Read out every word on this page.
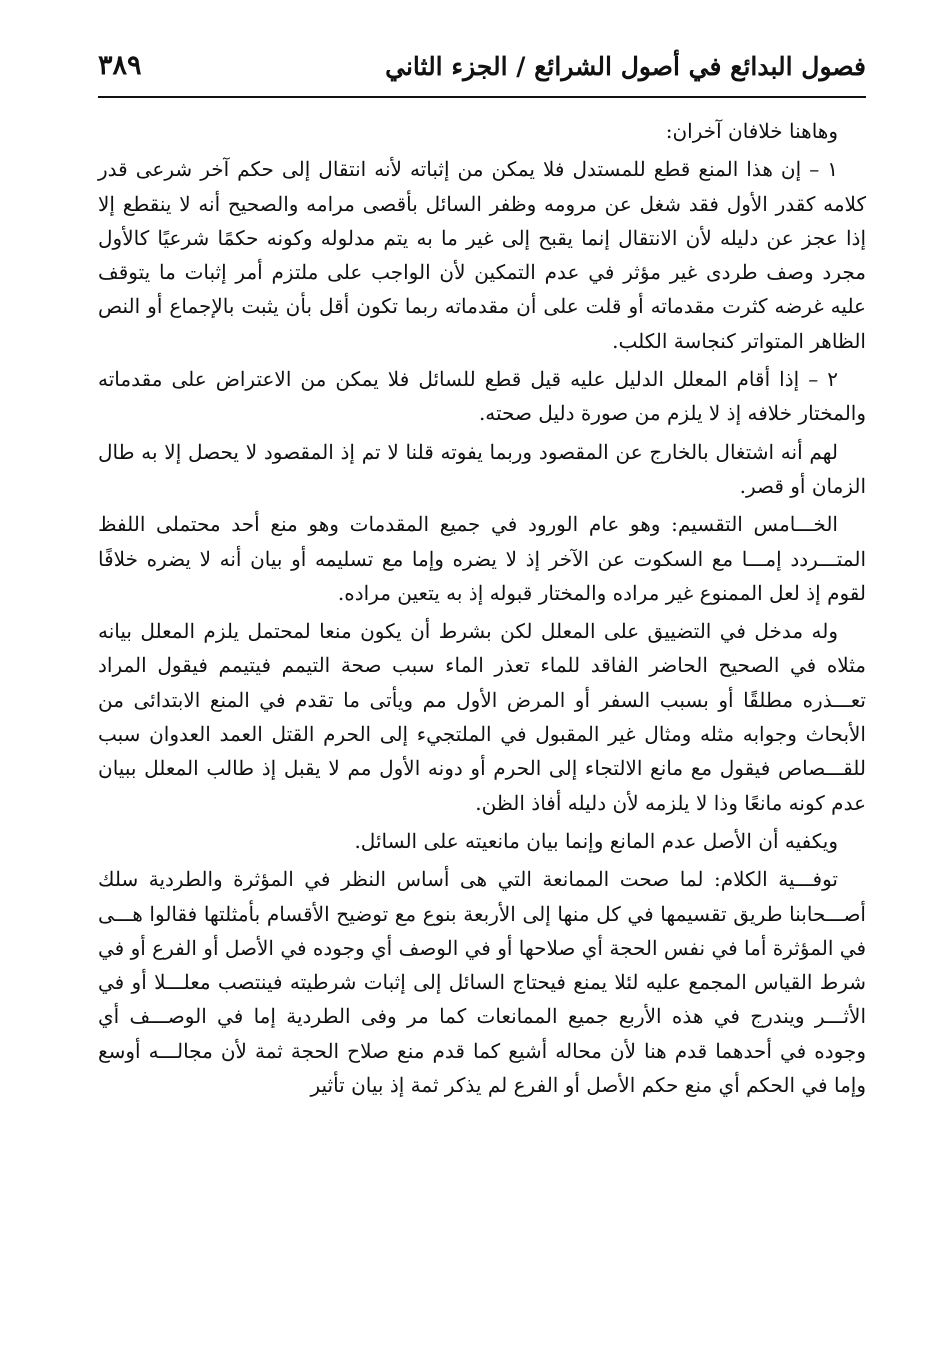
فصول البدائع في أصول الشرائع / الجزء الثاني
٣٨٩

وهاهنا خلافان آخران:

١ – إن هذا المنع قطع للمستدل فلا يمكن من إثباته لأنه انتقال إلى حكم آخر شرعى قدر كلامه كقدر الأول فقد شغل عن مرومه وظفر السائل بأقصى مرامه والصحيح أنه لا ينقطع إلا إذا عجز عن دليله لأن الانتقال إنما يقبح إلى غير ما به يتم مدلوله وكونه حكمًا شرعيًا كالأول مجرد وصف طردى غير مؤثر في عدم التمكين لأن الواجب على ملتزم أمر إثبات ما يتوقف عليه غرضه كثرت مقدماته أو قلت على أن مقدماته ربما تكون أقل بأن يثبت بالإجماع أو النص الظاهر المتواتر كنجاسة الكلب.

٢ – إذا أقام المعلل الدليل عليه قيل قطع للسائل فلا يمكن من الاعتراض على مقدماته والمختار خلافه إذ لا يلزم من صورة دليل صحته.

لهم أنه اشتغال بالخارج عن المقصود وربما يفوته قلنا لا تم إذ المقصود لا يحصل إلا به طال الزمان أو قصر.

الخـــامس التقسيم: وهو عام الورود في جميع المقدمات وهو منع أحد محتملى اللفظ المتـــردد إمـــا مع السكوت عن الآخر إذ لا يضره وإما مع تسليمه أو بيان أنه لا يضره خلافًا لقوم إذ لعل الممنوع غير مراده والمختار قبوله إذ به يتعين مراده.

وله مدخل في التضييق على المعلل لكن بشرط أن يكون منعا لمحتمل يلزم المعلل بيانه مثلاه في الصحيح الحاضر الفاقد للماء تعذر الماء سبب صحة التيمم فيتيمم فيقول المراد تعـــذره مطلقًا أو بسبب السفر أو المرض الأول مم ويأتى ما تقدم في المنع الابتدائى من الأبحاث وجوابه مثله ومثال غير المقبول في الملتجيء إلى الحرم القتل العمد العدوان سبب للقـــصاص فيقول مع مانع الالتجاء إلى الحرم أو دونه الأول مم لا يقبل إذ طالب المعلل ببيان عدم كونه مانعًا وذا لا يلزمه لأن دليله أفاذ الظن.

ويكفيه أن الأصل عدم المانع وإنما بيان مانعيته على السائل.

توفـــية الكلام: لما صحت الممانعة التي هى أساس النظر في المؤثرة والطردية سلك أصـــحابنا طريق تقسيمها في كل منها إلى الأربعة بنوع مع توضيح الأقسام بأمثلتها فقالوا هـــى في المؤثرة أما في نفس الحجة أي صلاحها أو في الوصف أي وجوده في الأصل أو الفرع أو في شرط القياس المجمع عليه لئلا يمنع فيحتاج السائل إلى إثبات شرطيته فينتصب معلـــلا أو في الأثـــر ويندرج في هذه الأربع جميع الممانعات كما مر وفى الطردية إما في الوصـــف أي وجوده في أحدهما قدم هنا لأن محاله أشيع كما قدم منع صلاح الحجة ثمة لأن مجالـــه أوسع وإما في الحكم أي منع حكم الأصل أو الفرع لم يذكر ثمة إذ بيان تأثير
